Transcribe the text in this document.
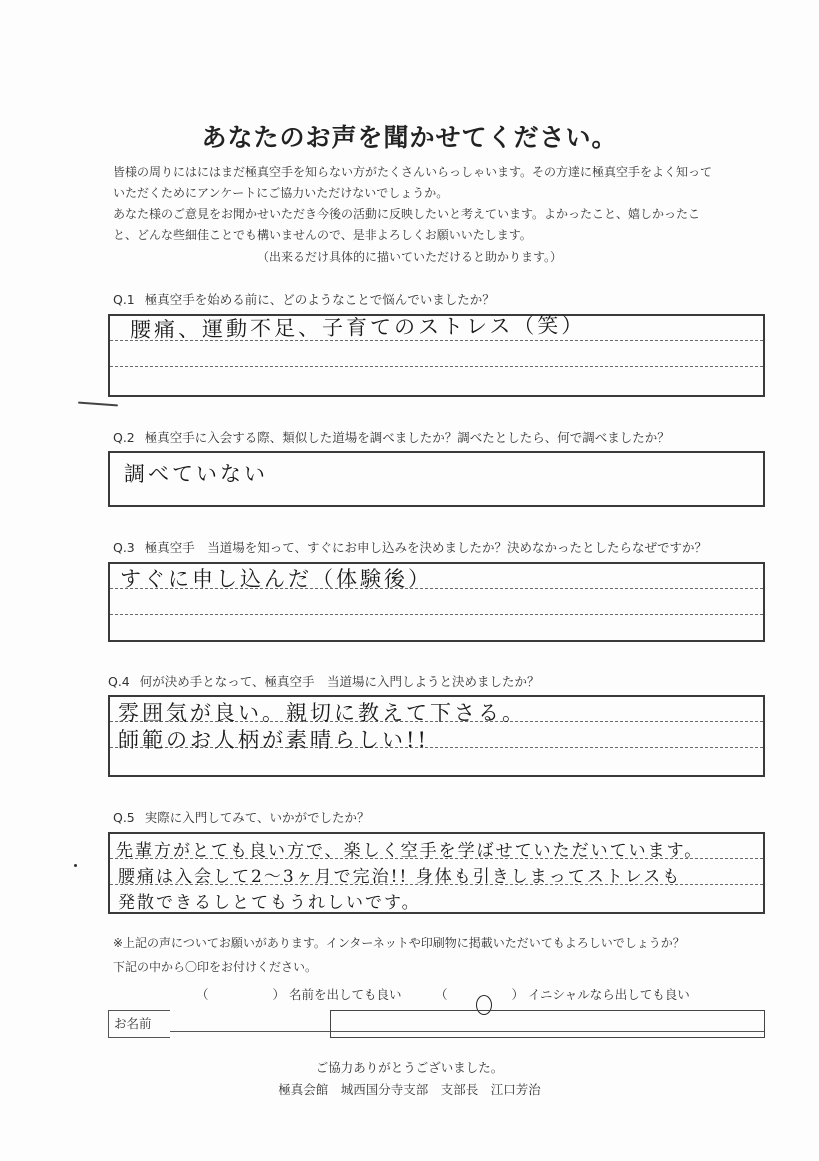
あなたのお声を聞かせてください。

皆様の周りにはにはまだ極真空手を知らない方がたくさんいらっしゃいます。その方達に極真空手をよく知って

いただくためにアンケートにご協力いただけないでしょうか。

あなた様のご意見をお聞かせいただき今後の活動に反映したいと考えています。よかったこと、嬉しかったこ

と、どんな些細佳ことでも構いませんので、是非よろしくお願いいたします。

（出来るだけ具体的に描いていただけると助かります。）
Q.1 極真空手を始める前に、どのようなことで悩んでいましたか？
腰痛、運動不足、子育てのストレス（笑）
Q.2 極真空手に入会する際、類似した道場を調べましたか？調べたとしたら、何で調べましたか？
調べていない
Q.3 極真空手　当道場を知って、すぐにお申し込みを決めましたか？決めなかったとしたらなぜですか？
すぐに申し込んだ（体験後）
Q.4 何が決め手となって、極真空手　当道場に入門しようと決めましたか？
雰囲気が良い。親切に教えて下さる。
師範のお人柄が素晴らしい!!
Q.5 実際に入門してみて、いかがでしたか？
先輩方がとても良い方で、楽しく空手を学ばせていただいています。
腰痛は入会して2〜3ヶ月で完治!! 身体も引きしまってストレスも
発散できるしとてもうれしいです。
※上記の声についてお願いがあります。インターネットや印刷物に掲載いただいてもよろしいでしょうか？
下記の中から〇印をお付けください。
（	） 名前を出しても良い	（	） イニシャルなら出しても良い
お名前
ご協力ありがとうございました。
極真会館　城西国分寺支部　支部長　江口芳治
